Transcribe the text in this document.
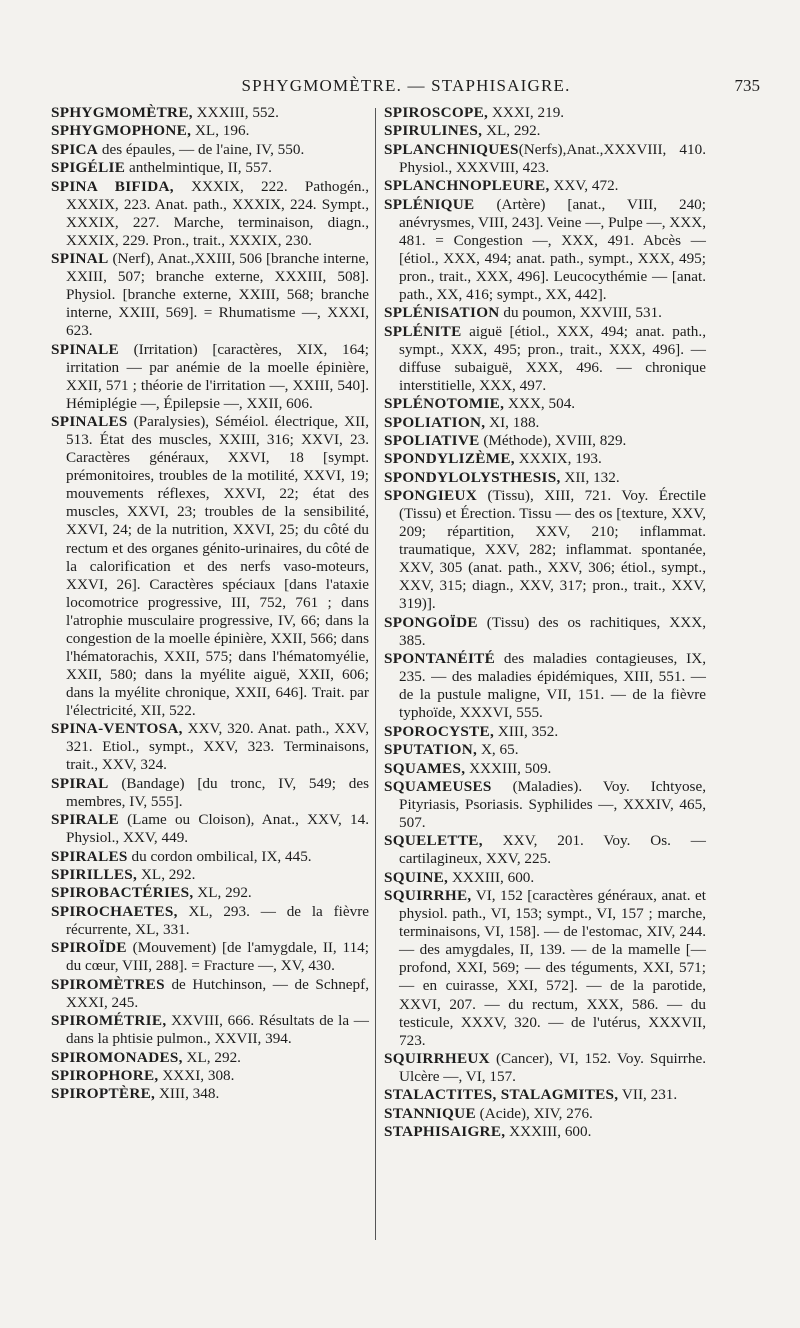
SPHYGMOMÈTRE. — STAPHISAIGRE.	735
SPHYGMOMÈTRE, XXXIII, 552.
SPHYGMOPHONE, XL, 196.
SPICA des épaules, — de l'aine, IV, 550.
SPIGÉLIE anthelmintique, II, 557.
SPINA BIFIDA, XXXIX, 222. Pathogén., XXXIX, 223. Anat. path., XXXIX, 224. Sympt., XXXIX, 227. Marche, terminaison, diagn., XXXIX, 229. Pron., trait., XXXIX, 230.
SPINAL (Nerf), Anat.,XXIII, 506 [branche interne, XXIII, 507; branche externe, XXXIII, 508]. Physiol. [branche externe, XXIII, 568; branche interne, XXIII, 569]. = Rhumatisme —, XXXI, 623.
SPINALE (Irritation) [caractères, XIX, 164; irritation — par anémie de la moelle épinière, XXII, 571 ; théorie de l'irritation —, XXIII, 540]. Hémiplégie —, Épilepsie —, XXII, 606.
SPINALES (Paralysies), Séméiol. électrique, XII, 513. État des muscles, XXIII, 316; XXVI, 23. Caractères généraux, XXVI, 18 [sympt. prémonitoires, troubles de la motilité, XXVI, 19; mouvements réflexes, XXVI, 22; état des muscles, XXVI, 23; troubles de la sensibilité, XXVI, 24; de la nutrition, XXVI, 25; du côté du rectum et des organes génito-urinaires, du côté de la calorification et des nerfs vaso-moteurs, XXVI, 26]. Caractères spéciaux [dans l'ataxie locomotrice progressive, III, 752, 761 ; dans l'atrophie musculaire progressive, IV, 66; dans la congestion de la moelle épinière, XXII, 566; dans l'hématorachis, XXII, 575; dans l'hématomyélie, XXII, 580; dans la myélite aiguë, XXII, 606; dans la myélite chronique, XXII, 646]. Trait. par l'électricité, XII, 522.
SPINA-VENTOSA, XXV, 320. Anat. path., XXV, 321. Etiol., sympt., XXV, 323. Terminaisons, trait., XXV, 324.
SPIRAL (Bandage) [du tronc, IV, 549; des membres, IV, 555].
SPIRALE (Lame ou Cloison), Anat., XXV, 14. Physiol., XXV, 449.
SPIRALES du cordon ombilical, IX, 445.
SPIRILLES, XL, 292.
SPIROBACTÉRIES, XL, 292.
SPIROCHAETES, XL, 293. — de la fièvre récurrente, XL, 331.
SPIROÏDE (Mouvement) [de l'amygdale, II, 114; du cœur, VIII, 288]. = Fracture —, XV, 430.
SPIROMÈTRES de Hutchinson, — de Schnepf, XXXI, 245.
SPIROMÉTRIE, XXVIII, 666. Résultats de la — dans la phtisie pulmon., XXVII, 394.
SPIROMONADES, XL, 292.
SPIROPHORE, XXXI, 308.
SPIROPTÈRE, XIII, 348.
SPIROSCOPE, XXXI, 219.
SPIRULINES, XL, 292.
SPLANCHNIQUES(Nerfs),Anat.,XXXVIII, 410. Physiol., XXXVIII, 423.
SPLANCHNOPLEURE, XXV, 472.
SPLÉNIQUE (Artère) [anat., VIII, 240; anévrysmes, VIII, 243]. Veine —, Pulpe —, XXX, 481. = Congestion —, XXX, 491. Abcès — [étiol., XXX, 494; anat. path., sympt., XXX, 495; pron., trait., XXX, 496]. Leucocythémie — [anat. path., XX, 416; sympt., XX, 442].
SPLÉNISATION du poumon, XXVIII, 531.
SPLÉNITE aiguë [étiol., XXX, 494; anat. path., sympt., XXX, 495; pron., trait., XXX, 496]. — diffuse subaiguë, XXX, 496. — chronique interstitielle, XXX, 497.
SPLÉNOTOMIE, XXX, 504.
SPOLIATION, XI, 188.
SPOLIATIVE (Méthode), XVIII, 829.
SPONDYLIZÈME, XXXIX, 193.
SPONDYLOLYSTHESIS, XII, 132.
SPONGIEUX (Tissu), XIII, 721. Voy. Érectile (Tissu) et Érection. Tissu — des os [texture, XXV, 209; répartition, XXV, 210; inflammat. traumatique, XXV, 282; inflammat. spontanée, XXV, 305 (anat. path., XXV, 306; étiol., sympt., XXV, 315; diagn., XXV, 317; pron., trait., XXV, 319)].
SPONGOÏDE (Tissu) des os rachitiques, XXX, 385.
SPONTANÉITÉ des maladies contagieuses, IX, 235. — des maladies épidémiques, XIII, 551. — de la pustule maligne, VII, 151. — de la fièvre typhoïde, XXXVI, 555.
SPOROCYSTE, XIII, 352.
SPUTATION, X, 65.
SQUAMES, XXXIII, 509.
SQUAMEUSES (Maladies). Voy. Ichtyose, Pityriasis, Psoriasis. Syphilides —, XXXIV, 465, 507.
SQUELETTE, XXV, 201. Voy. Os. — cartilagineux, XXV, 225.
SQUINE, XXXIII, 600.
SQUIRRHE, VI, 152 [caractères généraux, anat. et physiol. path., VI, 153; sympt., VI, 157 ; marche, terminaisons, VI, 158]. — de l'estomac, XIV, 244. — des amygdales, II, 139. — de la mamelle [— profond, XXI, 569; — des téguments, XXI, 571; — en cuirasse, XXI, 572]. — de la parotide, XXVI, 207. — du rectum, XXX, 586. — du testicule, XXXV, 320. — de l'utérus, XXXVII, 723.
SQUIRRHEUX (Cancer), VI, 152. Voy. Squirrhe. Ulcère —, VI, 157.
STALACTITES, STALAGMITES, VII, 231.
STANNIQUE (Acide), XIV, 276.
STAPHISAIGRE, XXXIII, 600.
